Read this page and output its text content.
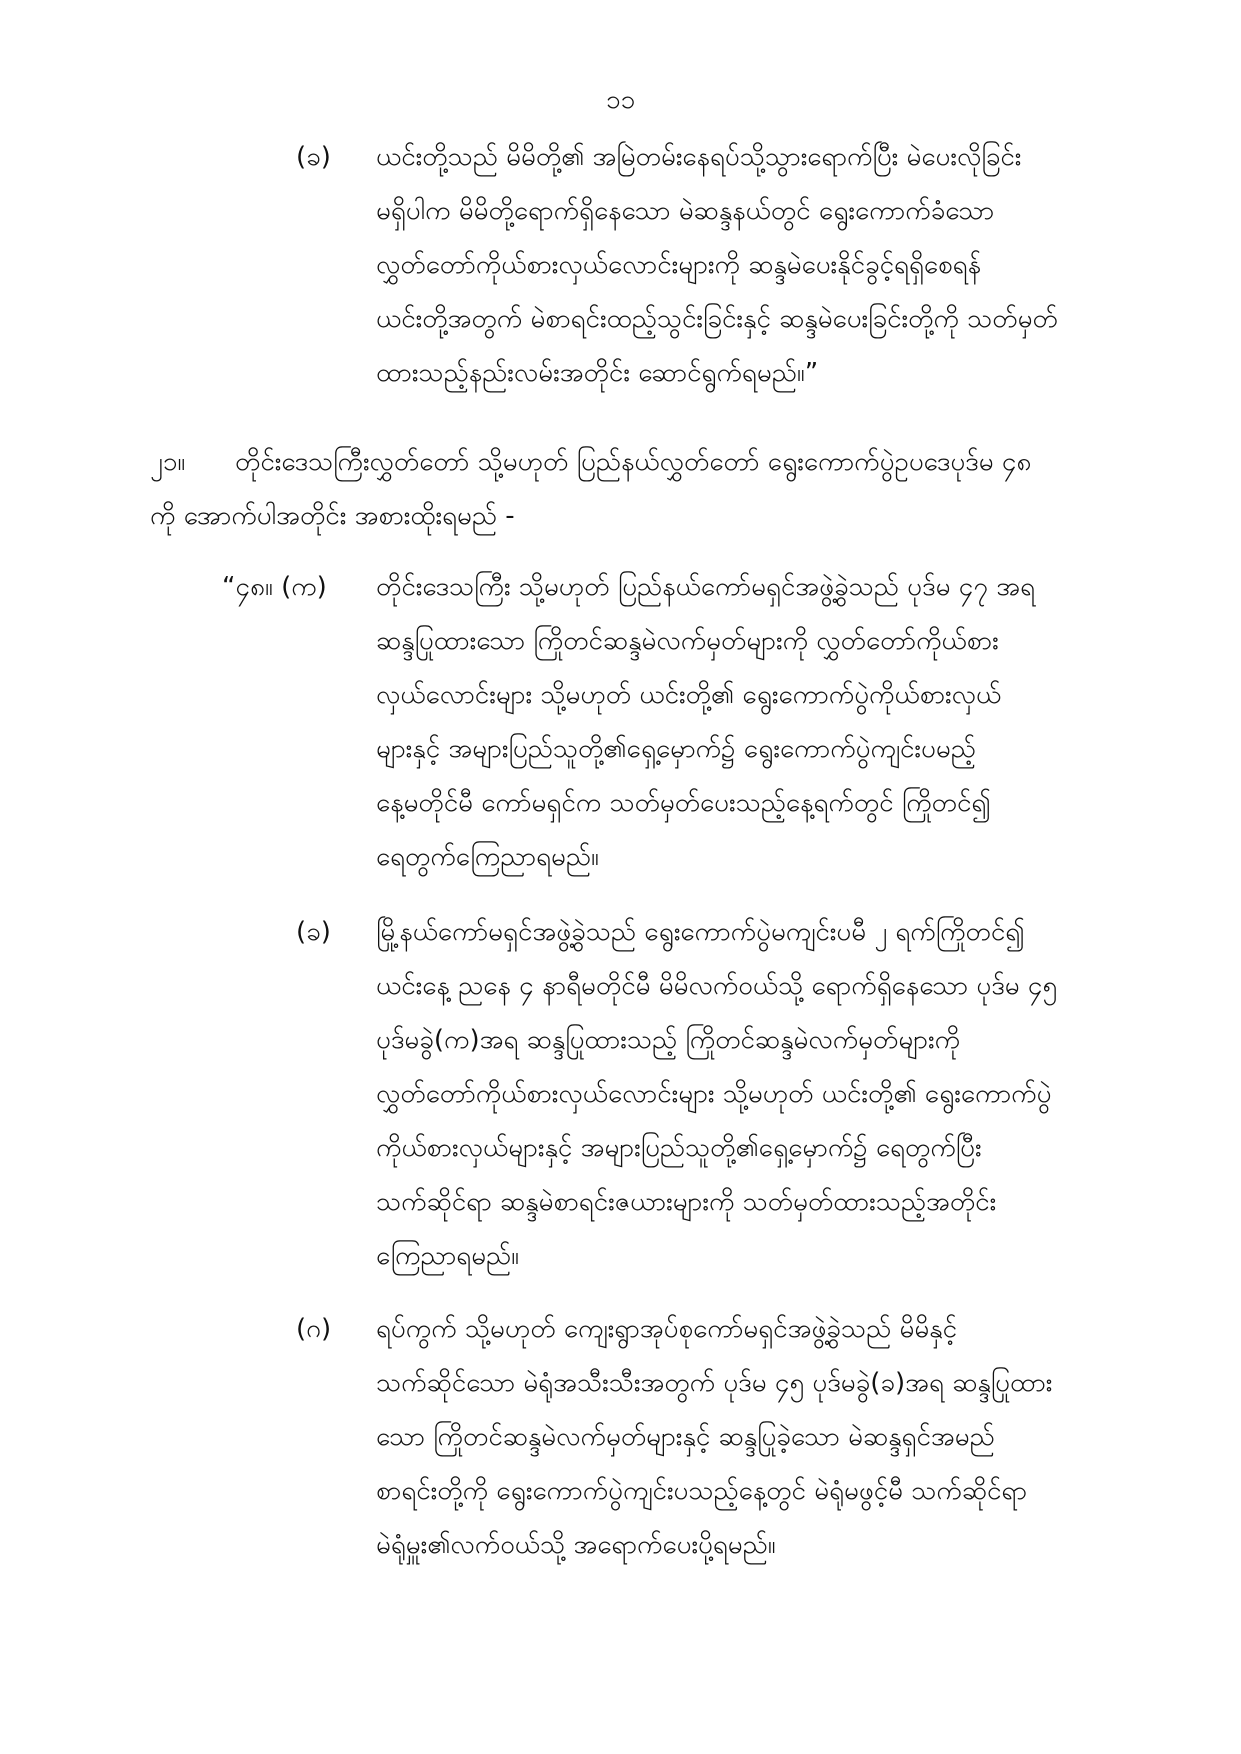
၁၁
(ခ) ယင်းတို့သည် မိမိတို့၏ အမြဲတမ်းနေရပ်သို့သွားရောက်ပြီး မဲပေးလိုခြင်း
မရှိပါက မိမိတို့ရောက်ရှိနေသော မဲဆန္ဒနယ်တွင် ရွေးကောက်ခံသော
လွှတ်တော်ကိုယ်စားလှယ်လောင်းများကို ဆန္ဒမဲပေးနိုင်ခွင့်ရရှိစေရန်
ယင်းတို့အတွက် မဲစာရင်းထည့်သွင်းခြင်းနှင့် ဆန္ဒမဲပေးခြင်းတို့ကို သတ်မှတ်
ထားသည့်နည်းလမ်းအတိုင်း ဆောင်ရွက်ရမည်။”
၂၁။	တိုင်းဒေသကြီးလွှတ်တော် သို့မဟုတ် ပြည်နယ်လွှတ်တော် ရွေးကောက်ပွဲဥပဒေပုဒ်မ ၄၈
ကို အောက်ပါအတိုင်း အစားထိုးရမည် -
“၄၈။ (က) တိုင်းဒေသကြီး သို့မဟုတ် ပြည်နယ်ကော်မရှင်အဖွဲ့ခွဲသည် ပုဒ်မ ၄၇ အရ
ဆန္ဒပြုထားသော ကြိုတင်ဆန္ဒမဲလက်မှတ်များကို လွှတ်တော်ကိုယ်စား
လှယ်လောင်းများ သို့မဟုတ် ယင်းတို့၏ ရွေးကောက်ပွဲကိုယ်စားလှယ်
များနှင့် အများပြည်သူတို့၏ရှေ့မှောက်၌ ရွေးကောက်ပွဲကျင်းပမည့်
နေ့မတိုင်မီ ကော်မရှင်က သတ်မှတ်ပေးသည့်နေ့ရက်တွင် ကြိုတင်၍
ရေတွက်ကြေညာရမည်။
(ခ) မြို့နယ်ကော်မရှင်အဖွဲ့ခွဲသည် ရွေးကောက်ပွဲမကျင်းပမီ ၂ ရက်ကြိုတင်၍
ယင်းနေ့ ညနေ ၄ နာရီမတိုင်မီ မိမိလက်ဝယ်သို့ ရောက်ရှိနေသော ပုဒ်မ ၄၅
ပုဒ်မခွဲ(က)အရ ဆန္ဒပြုထားသည့် ကြိုတင်ဆန္ဒမဲလက်မှတ်များကို
လွှတ်တော်ကိုယ်စားလှယ်လောင်းများ သို့မဟုတ် ယင်းတို့၏ ရွေးကောက်ပွဲ
ကိုယ်စားလှယ်များနှင့် အများပြည်သူတို့၏ရှေ့မှောက်၌ ရေတွက်ပြီး
သက်ဆိုင်ရာ ဆန္ဒမဲစာရင်းဇယားများကို သတ်မှတ်ထားသည့်အတိုင်း
ကြေညာရမည်။
(ဂ) ရပ်ကွက် သို့မဟုတ် ကျေးရွာအုပ်စုကော်မရှင်အဖွဲ့ခွဲသည် မိမိနှင့်
သက်ဆိုင်သော မဲရုံအသီးသီးအတွက် ပုဒ်မ ၄၅ ပုဒ်မခွဲ(ခ)အရ ဆန္ဒပြုထား
သော ကြိုတင်ဆန္ဒမဲလက်မှတ်များနှင့် ဆန္ဒပြုခဲ့သော မဲဆန္ဒရှင်အမည်
စာရင်းတို့ကို ရွေးကောက်ပွဲကျင်းပသည့်နေ့တွင် မဲရုံမဖွင့်မီ သက်ဆိုင်ရာ
မဲရုံမှူး၏လက်ဝယ်သို့ အရောက်ပေးပို့ရမည်။
